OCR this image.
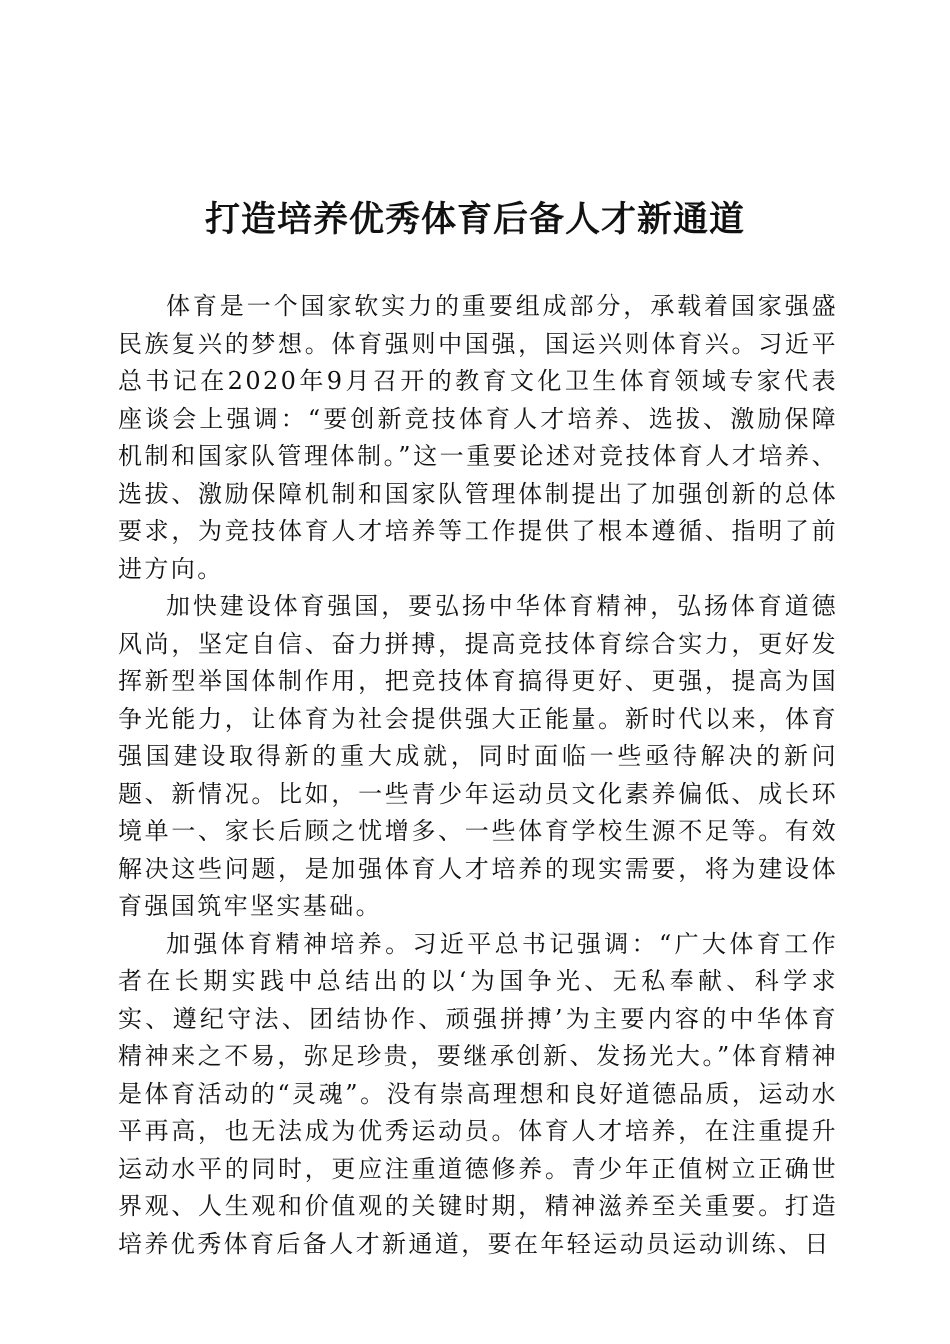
打造培养优秀体育后备人才新通道

体育是一个国家软实力的重要组成部分，承载着国家强盛民族复兴的梦想。体育强则中国强，国运兴则体育兴。习近平总书记在2020年9月召开的教育文化卫生体育领域专家代表座谈会上强调：“要创新竞技体育人才培养、选拔、激励保障机制和国家队管理体制。”这一重要论述对竞技体育人才培养、选拔、激励保障机制和国家队管理体制提出了加强创新的总体要求，为竞技体育人才培养等工作提供了根本遵循、指明了前进方向。

加快建设体育强国，要弘扬中华体育精神，弘扬体育道德风尚，坚定自信、奋力拼搏，提高竞技体育综合实力，更好发挥新型举国体制作用，把竞技体育搞得更好、更强，提高为国争光能力，让体育为社会提供强大正能量。新时代以来，体育强国建设取得新的重大成就，同时面临一些亟待解决的新问题、新情况。比如，一些青少年运动员文化素养偏低、成长环境单一、家长后顾之忧增多、一些体育学校生源不足等。有效解决这些问题，是加强体育人才培养的现实需要，将为建设体育强国筑牢坚实基础。

加强体育精神培养。习近平总书记强调：“广大体育工作者在长期实践中总结出的以‘为国争光、无私奉献、科学求实、遵纪守法、团结协作、顽强拼搏’为主要内容的中华体育精神来之不易，弥足珍贵，要继承创新、发扬光大。”体育精神是体育活动的“灵魂”。没有崇高理想和良好道德品质，运动水平再高，也无法成为优秀运动员。体育人才培养，在注重提升运动水平的同时，更应注重道德修养。青少年正值树立正确世界观、人生观和价值观的关键时期，精神滋养至关重要。打造培养优秀体育后备人才新通道，要在年轻运动员运动训练、日
